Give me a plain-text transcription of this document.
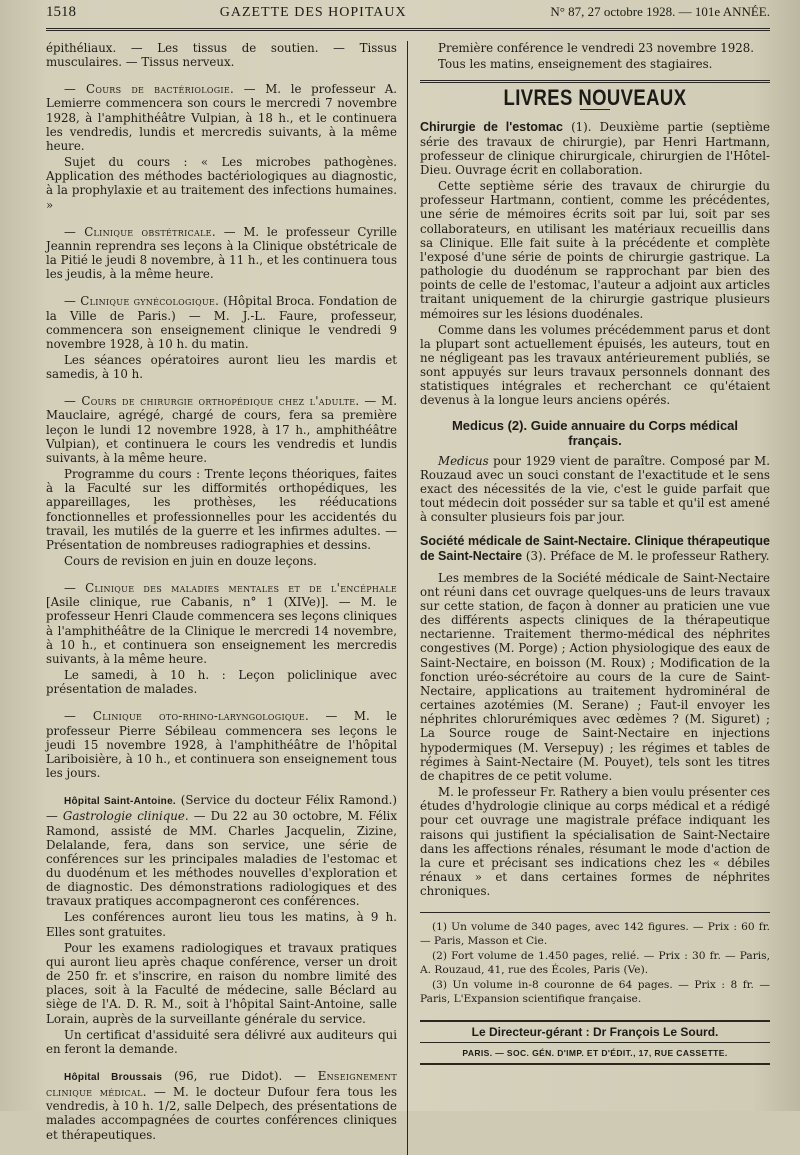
1518	GAZETTE DES HOPITAUX	N° 87, 27 octobre 1928. — 101e ANNÉE.

épithéliaux. — Les tissus de soutien. — Tissus musculaires. — Tissus nerveux.

— Cours de bactériologie. — M. le professeur A. Lemierre commencera son cours le mercredi 7 novembre 1928, à l'amphithéâtre Vulpian, à 18 h., et le continuera les vendredis, lundis et mercredis suivants, à la même heure.

Sujet du cours : « Les microbes pathogènes. Application des méthodes bactériologiques au diagnostic, à la prophylaxie et au traitement des infections humaines. »

— Clinique obstétricale. — M. le professeur Cyrille Jeannin reprendra ses leçons à la Clinique obstétricale de la Pitié le jeudi 8 novembre, à 11 h., et les continuera tous les jeudis, à la même heure.

— Clinique gynécologique. (Hôpital Broca. Fondation de la Ville de Paris.) — M. J.-L. Faure, professeur, commencera son enseignement clinique le vendredi 9 novembre 1928, à 10 h. du matin.

Les séances opératoires auront lieu les mardis et samedis, à 10 h.

— Cours de chirurgie orthopédique chez l'adulte. — M. Mauclaire, agrégé, chargé de cours, fera sa première leçon le lundi 12 novembre 1928, à 17 h., amphithéâtre Vulpian), et continuera le cours les vendredis et lundis suivants, à la même heure.

Programme du cours : Trente leçons théoriques, faites à la Faculté sur les difformités orthopédiques, les appareillages, les prothèses, les rééducations fonctionnelles et professionnelles pour les accidentés du travail, les mutilés de la guerre et les infirmes adultes. — Présentation de nombreuses radiographies et dessins.

Cours de revision en juin en douze leçons.

— Clinique des maladies mentales et de l'encéphale [Asile clinique, rue Cabanis, n° 1 (XIVe)]. — M. le professeur Henri Claude commencera ses leçons cliniques à l'amphithéâtre de la Clinique le mercredi 14 novembre, à 10 h., et continuera son enseignement les mercredis suivants, à la même heure.

Le samedi, à 10 h. : Leçon policlinique avec présentation de malades.

— Clinique oto-rhino-laryngologique. — M. le professeur Pierre Sébileau commencera ses leçons le jeudi 15 novembre 1928, à l'amphithéâtre de l'hôpital Lariboisière, à 10 h., et continuera son enseignement tous les jours.

Hôpital Saint-Antoine. (Service du docteur Félix Ramond.) — Gastrologie clinique. — Du 22 au 30 octobre, M. Félix Ramond, assisté de MM. Charles Jacquelin, Zizine, Delalande, fera, dans son service, une série de conférences sur les principales maladies de l'estomac et du duodénum et les méthodes nouvelles d'exploration et de diagnostic. Des démonstrations radiologiques et des travaux pratiques accompagneront ces conférences.

Les conférences auront lieu tous les matins, à 9 h. Elles sont gratuites.

Pour les examens radiologiques et travaux pratiques qui auront lieu après chaque conférence, verser un droit de 250 fr. et s'inscrire, en raison du nombre limité des places, soit à la Faculté de médecine, salle Béclard au siège de l'A. D. R. M., soit à l'hôpital Saint-Antoine, salle Lorain, auprès de la surveillante générale du service.

Un certificat d'assiduité sera délivré aux auditeurs qui en feront la demande.

Hôpital Broussais (96, rue Didot). — Enseignement clinique médical. — M. le docteur Dufour fera tous les vendredis, à 10 h. 1/2, salle Delpech, des présentations de malades accompagnées de courtes conférences cliniques et thérapeutiques.

Première conférence le vendredi 23 novembre 1928.

Tous les matins, enseignement des stagiaires.

LIVRES NOUVEAUX

Chirurgie de l'estomac (1). Deuxième partie (septième série des travaux de chirurgie), par Henri Hartmann, professeur de clinique chirurgicale, chirurgien de l'Hôtel-Dieu. Ouvrage écrit en collaboration.

Cette septième série des travaux de chirurgie du professeur Hartmann, contient, comme les précédentes, une série de mémoires écrits soit par lui, soit par ses collaborateurs, en utilisant les matériaux recueillis dans sa Clinique. Elle fait suite à la précédente et complète l'exposé d'une série de points de chirurgie gastrique. La pathologie du duodénum se rapprochant par bien des points de celle de l'estomac, l'auteur a adjoint aux articles traitant uniquement de la chirurgie gastrique plusieurs mémoires sur les lésions duodénales.

Comme dans les volumes précédemment parus et dont la plupart sont actuellement épuisés, les auteurs, tout en ne négligeant pas les travaux antérieurement publiés, se sont appuyés sur leurs travaux personnels donnant des statistiques intégrales et recherchant ce qu'étaient devenus à la longue leurs anciens opérés.

Medicus (2). Guide annuaire du Corps médical français.

Medicus pour 1929 vient de paraître. Composé par M. Rouzaud avec un souci constant de l'exactitude et le sens exact des nécessités de la vie, c'est le guide parfait que tout médecin doit posséder sur sa table et qu'il est amené à consulter plusieurs fois par jour.

Société médicale de Saint-Nectaire. Clinique thérapeutique de Saint-Nectaire (3). Préface de M. le professeur Rathery.

Les membres de la Société médicale de Saint-Nectaire ont réuni dans cet ouvrage quelques-uns de leurs travaux sur cette station, de façon à donner au praticien une vue des différents aspects cliniques de la thérapeutique nectarienne. Traitement thermo-médical des néphrites congestives (M. Porge) ; Action physiologique des eaux de Saint-Nectaire, en boisson (M. Roux) ; Modification de la fonction uréo-sécrétoire au cours de la cure de Saint-Nectaire, applications au traitement hydrominéral de certaines azotémies (M. Serane) ; Faut-il envoyer les néphrites chlorurémiques avec œdèmes ? (M. Siguret) ; La Source rouge de Saint-Nectaire en injections hypodermiques (M. Versepuy) ; les régimes et tables de régimes à Saint-Nectaire (M. Pouyet), tels sont les titres de chapitres de ce petit volume.

M. le professeur Fr. Rathery a bien voulu présenter ces études d'hydrologie clinique au corps médical et a rédigé pour cet ouvrage une magistrale préface indiquant les raisons qui justifient la spécialisation de Saint-Nectaire dans les affections rénales, résumant le mode d'action de la cure et précisant ses indications chez les « débiles rénaux » et dans certaines formes de néphrites chroniques.

(1) Un volume de 340 pages, avec 142 figures. — Prix : 60 fr. — Paris, Masson et Cie.

(2) Fort volume de 1.450 pages, relié. — Prix : 30 fr. — Paris, A. Rouzaud, 41, rue des Écoles, Paris (Ve).

(3) Un volume in-8 couronne de 64 pages. — Prix : 8 fr. — Paris, L'Expansion scientifique française.

Le Directeur-gérant : Dr François Le Sourd.
PARIS. — SOC. GÉN. D'IMP. ET D'ÉDIT., 17, RUE CASSETTE.
